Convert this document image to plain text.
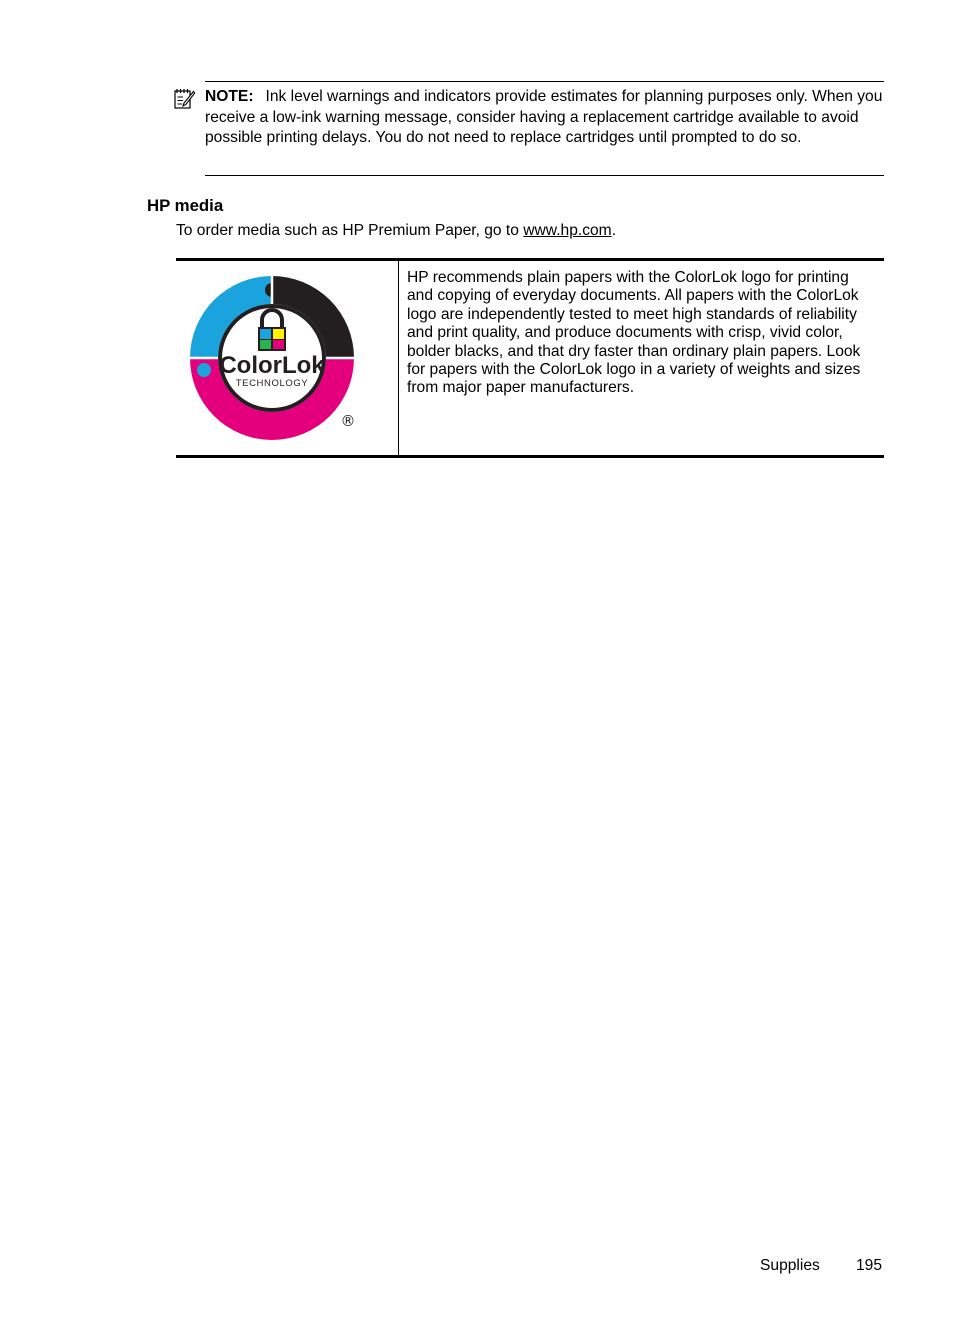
NOTE: Ink level warnings and indicators provide estimates for planning purposes only. When you receive a low-ink warning message, consider having a replacement cartridge available to avoid possible printing delays. You do not need to replace cartridges until prompted to do so.
HP media
To order media such as HP Premium Paper, go to www.hp.com.
ColorLok
TECHNOLOGY
®
HP recommends plain papers with the ColorLok logo for printing and copying of everyday documents. All papers with the ColorLok logo are independently tested to meet high standards of reliability and print quality, and produce documents with crisp, vivid color, bolder blacks, and that dry faster than ordinary plain papers. Look for papers with the ColorLok logo in a variety of weights and sizes from major paper manufacturers.
Supplies 195
